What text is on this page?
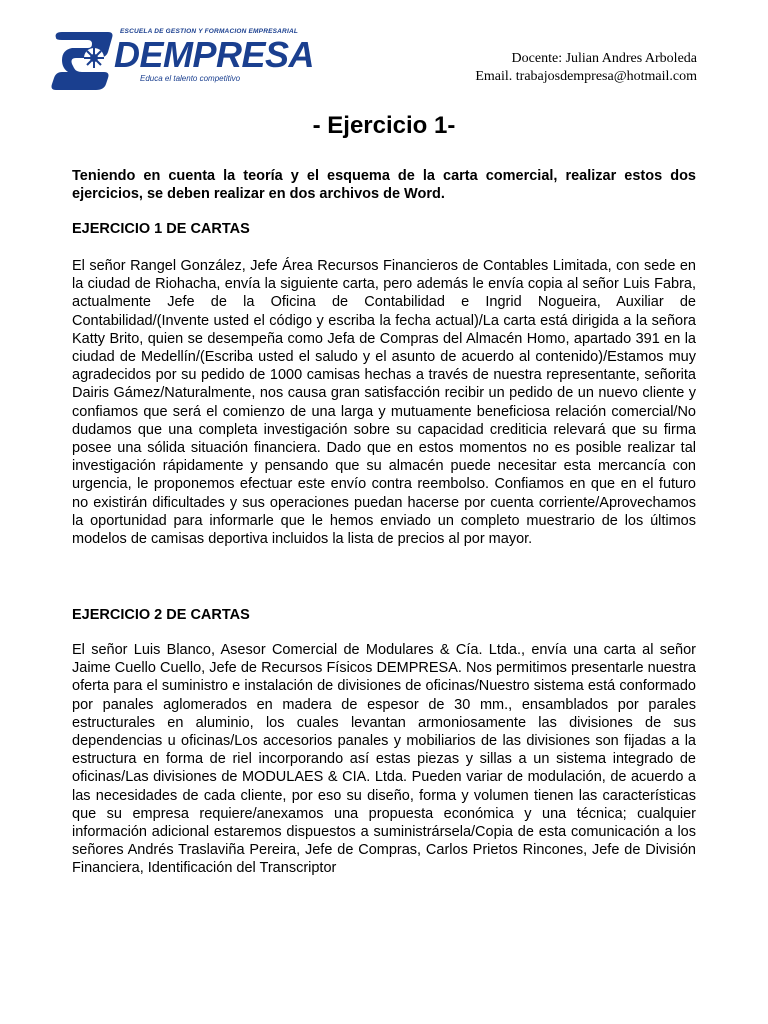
ESCUELA DE GESTION Y FORMACION EMPRESARIAL
DEMPRESA
Educa el talento competitivo
Docente: Julian Andres Arboleda
Email. trabajosdempresa@hotmail.com
- Ejercicio 1-

Teniendo en cuenta la teoría y el esquema de la carta comercial, realizar estos dos ejercicios, se deben realizar en dos archivos de Word.

EJERCICIO 1 DE CARTAS

El señor Rangel González, Jefe Área Recursos Financieros de Contables Limitada, con sede en la ciudad de Riohacha, envía la siguiente carta, pero además le envía copia al señor Luis Fabra, actualmente Jefe de la Oficina de Contabilidad e Ingrid Nogueira, Auxiliar de Contabilidad/(Invente usted el código y escriba la fecha actual)/La carta está dirigida a la señora Katty Brito, quien se desempeña como Jefa de Compras del Almacén Homo, apartado 391 en la ciudad de Medellín/(Escriba usted el saludo y el asunto de acuerdo al contenido)/Estamos muy agradecidos por su pedido de 1000 camisas hechas a través de nuestra representante, señorita Dairis Gámez/Naturalmente, nos causa gran satisfacción recibir un pedido de un nuevo cliente y confiamos que será el comienzo de una larga y mutuamente beneficiosa relación comercial/No dudamos que una completa investigación sobre su capacidad crediticia relevará que su firma posee una sólida situación financiera. Dado que en estos momentos no es posible realizar tal investigación rápidamente y pensando que su almacén puede necesitar esta mercancía con urgencia, le proponemos efectuar este envío contra reembolso. Confiamos en que en el futuro no existirán dificultades y sus operaciones puedan hacerse por cuenta corriente/Aprovechamos la oportunidad para informarle que le hemos enviado un completo muestrario de los últimos modelos de camisas deportiva incluidos la lista de precios al por mayor.

EJERCICIO 2 DE CARTAS

El señor Luis Blanco, Asesor Comercial de Modulares & Cía. Ltda., envía una carta al señor Jaime Cuello Cuello, Jefe de Recursos Físicos DEMPRESA. Nos permitimos presentarle nuestra oferta para el suministro e instalación de divisiones de oficinas/Nuestro sistema está conformado por panales aglomerados en madera de espesor de 30 mm., ensamblados por parales estructurales en aluminio, los cuales levantan armoniosamente las divisiones de sus dependencias u oficinas/Los accesorios panales y mobiliarios de las divisiones son fijadas a la estructura en forma de riel incorporando así estas piezas y sillas a un sistema integrado de oficinas/Las divisiones de MODULAES & CIA. Ltda. Pueden variar de modulación, de acuerdo a las necesidades de cada cliente, por eso su diseño, forma y volumen tienen las características que su empresa requiere/anexamos una propuesta económica y una técnica; cualquier información adicional estaremos dispuestos a suministrársela/Copia de esta comunicación a los señores Andrés Traslaviña Pereira, Jefe de Compras, Carlos Prietos Rincones, Jefe de División Financiera, Identificación del Transcriptor
